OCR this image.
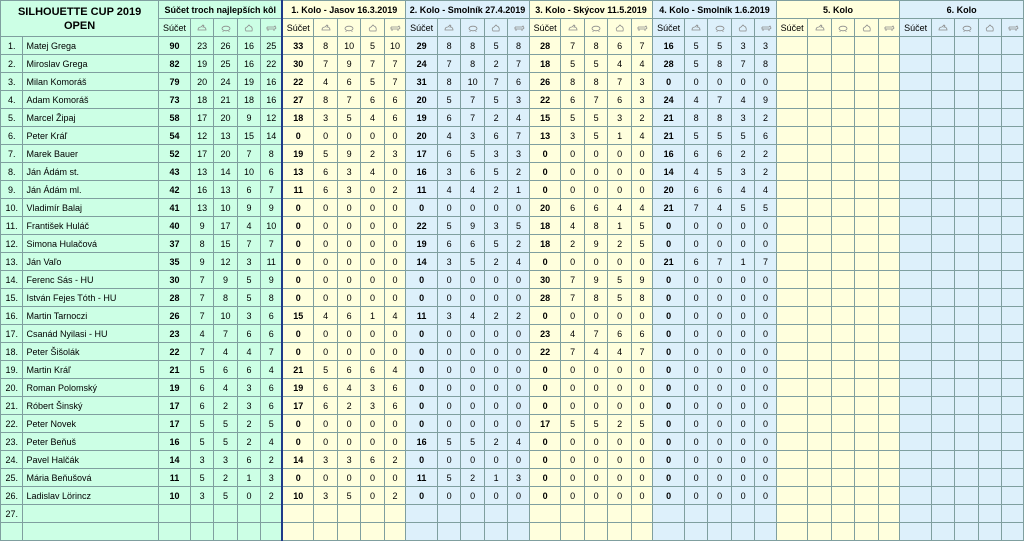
SILHOUETTE CUP 2019
OPEN		Súčet troch najlepších kôl					1. Kolo - Jasov 16.3.2019					2. Kolo - Smolník 27.4.2019					3. Kolo - Skýcov 11.5.2019					4. Kolo - Smolník 1.6.2019					5. Kolo					6. Kolo				
		Súčet					Súčet					Súčet					Súčet					Súčet					Súčet					Súčet	

1.	Matej Grega	90	23	26	16	25	33	8	10	5	10	29	8	8	5	8	28	7	8	6	7	16	5	5	3	3										
2.	Miroslav Grega	82	19	25	16	22	30	7	9	7	7	24	7	8	2	7	18	5	5	4	4	28	5	8	7	8										
3.	Milan Komoráš	79	20	24	19	16	22	4	6	5	7	31	8	10	7	6	26	8	8	7	3	0	0	0	0	0										
4.	Adam Komoráš	73	18	21	18	16	27	8	7	6	6	20	5	7	5	3	22	6	7	6	3	24	4	7	4	9										
5.	Marcel Žipaj	58	17	20	9	12	18	3	5	4	6	19	6	7	2	4	15	5	5	3	2	21	8	8	3	2										
6.	Peter Kráľ	54	12	13	15	14	0	0	0	0	0	20	4	3	6	7	13	3	5	1	4	21	5	5	5	6										
7.	Marek Bauer	52	17	20	7	8	19	5	9	2	3	17	6	5	3	3	0	0	0	0	0	16	6	6	2	2										
8.	Ján Ádám st.	43	13	14	10	6	13	6	3	4	0	16	3	6	5	2	0	0	0	0	0	14	4	5	3	2										
9.	Ján Ádám ml.	42	16	13	6	7	11	6	3	0	2	11	4	4	2	1	0	0	0	0	0	20	6	6	4	4										
10.	Vladimír Balaj	41	13	10	9	9	0	0	0	0	0	0	0	0	0	0	20	6	6	4	4	21	7	4	5	5										
11.	František Huláč	40	9	17	4	10	0	0	0	0	0	22	5	9	3	5	18	4	8	1	5	0	0	0	0	0										
12.	Simona Hulačová	37	8	15	7	7	0	0	0	0	0	19	6	6	5	2	18	2	9	2	5	0	0	0	0	0										
13.	Ján Vaľo	35	9	12	3	11	0	0	0	0	0	14	3	5	2	4	0	0	0	0	0	21	6	7	1	7										
14.	Ferenc Sás - HU	30	7	9	5	9	0	0	0	0	0	0	0	0	0	0	30	7	9	5	9	0	0	0	0	0										
15.	István Fejes Tóth - HU	28	7	8	5	8	0	0	0	0	0	0	0	0	0	0	28	7	8	5	8	0	0	0	0	0										
16.	Martin Tarnoczi	26	7	10	3	6	15	4	6	1	4	11	3	4	2	2	0	0	0	0	0	0	0	0	0	0										
17.	Csanád Nyilasi - HU	23	4	7	6	6	0	0	0	0	0	0	0	0	0	0	23	4	7	6	6	0	0	0	0	0										
18.	Peter Šišolák	22	7	4	4	7	0	0	0	0	0	0	0	0	0	0	22	7	4	4	7	0	0	0	0	0										
19.	Martin Kráľ	21	5	6	6	4	21	5	6	6	4	0	0	0	0	0	0	0	0	0	0	0	0	0	0	0										
20.	Roman Polomský	19	6	4	3	6	19	6	4	3	6	0	0	0	0	0	0	0	0	0	0	0	0	0	0	0										
21.	Róbert Šinský	17	6	2	3	6	17	6	2	3	6	0	0	0	0	0	0	0	0	0	0	0	0	0	0	0										
22.	Peter Novek	17	5	5	2	5	0	0	0	0	0	0	0	0	0	0	17	5	5	2	5	0	0	0	0	0										
23.	Peter Beňuš	16	5	5	2	4	0	0	0	0	0	16	5	5	2	4	0	0	0	0	0	0	0	0	0	0										
24.	Pavel Halčák	14	3	3	6	2	14	3	3	6	2	0	0	0	0	0	0	0	0	0	0	0	0	0	0	0										
25.	Mária Beňušová	11	5	2	1	3	0	0	0	0	0	11	5	2	1	3	0	0	0	0	0	0	0	0	0	0										
26.	Ladislav Lörincz	10	3	5	0	2	10	3	5	0	2	0	0	0	0	0	0	0	0	0	0	0	0	0	0	0										
27.																																				
